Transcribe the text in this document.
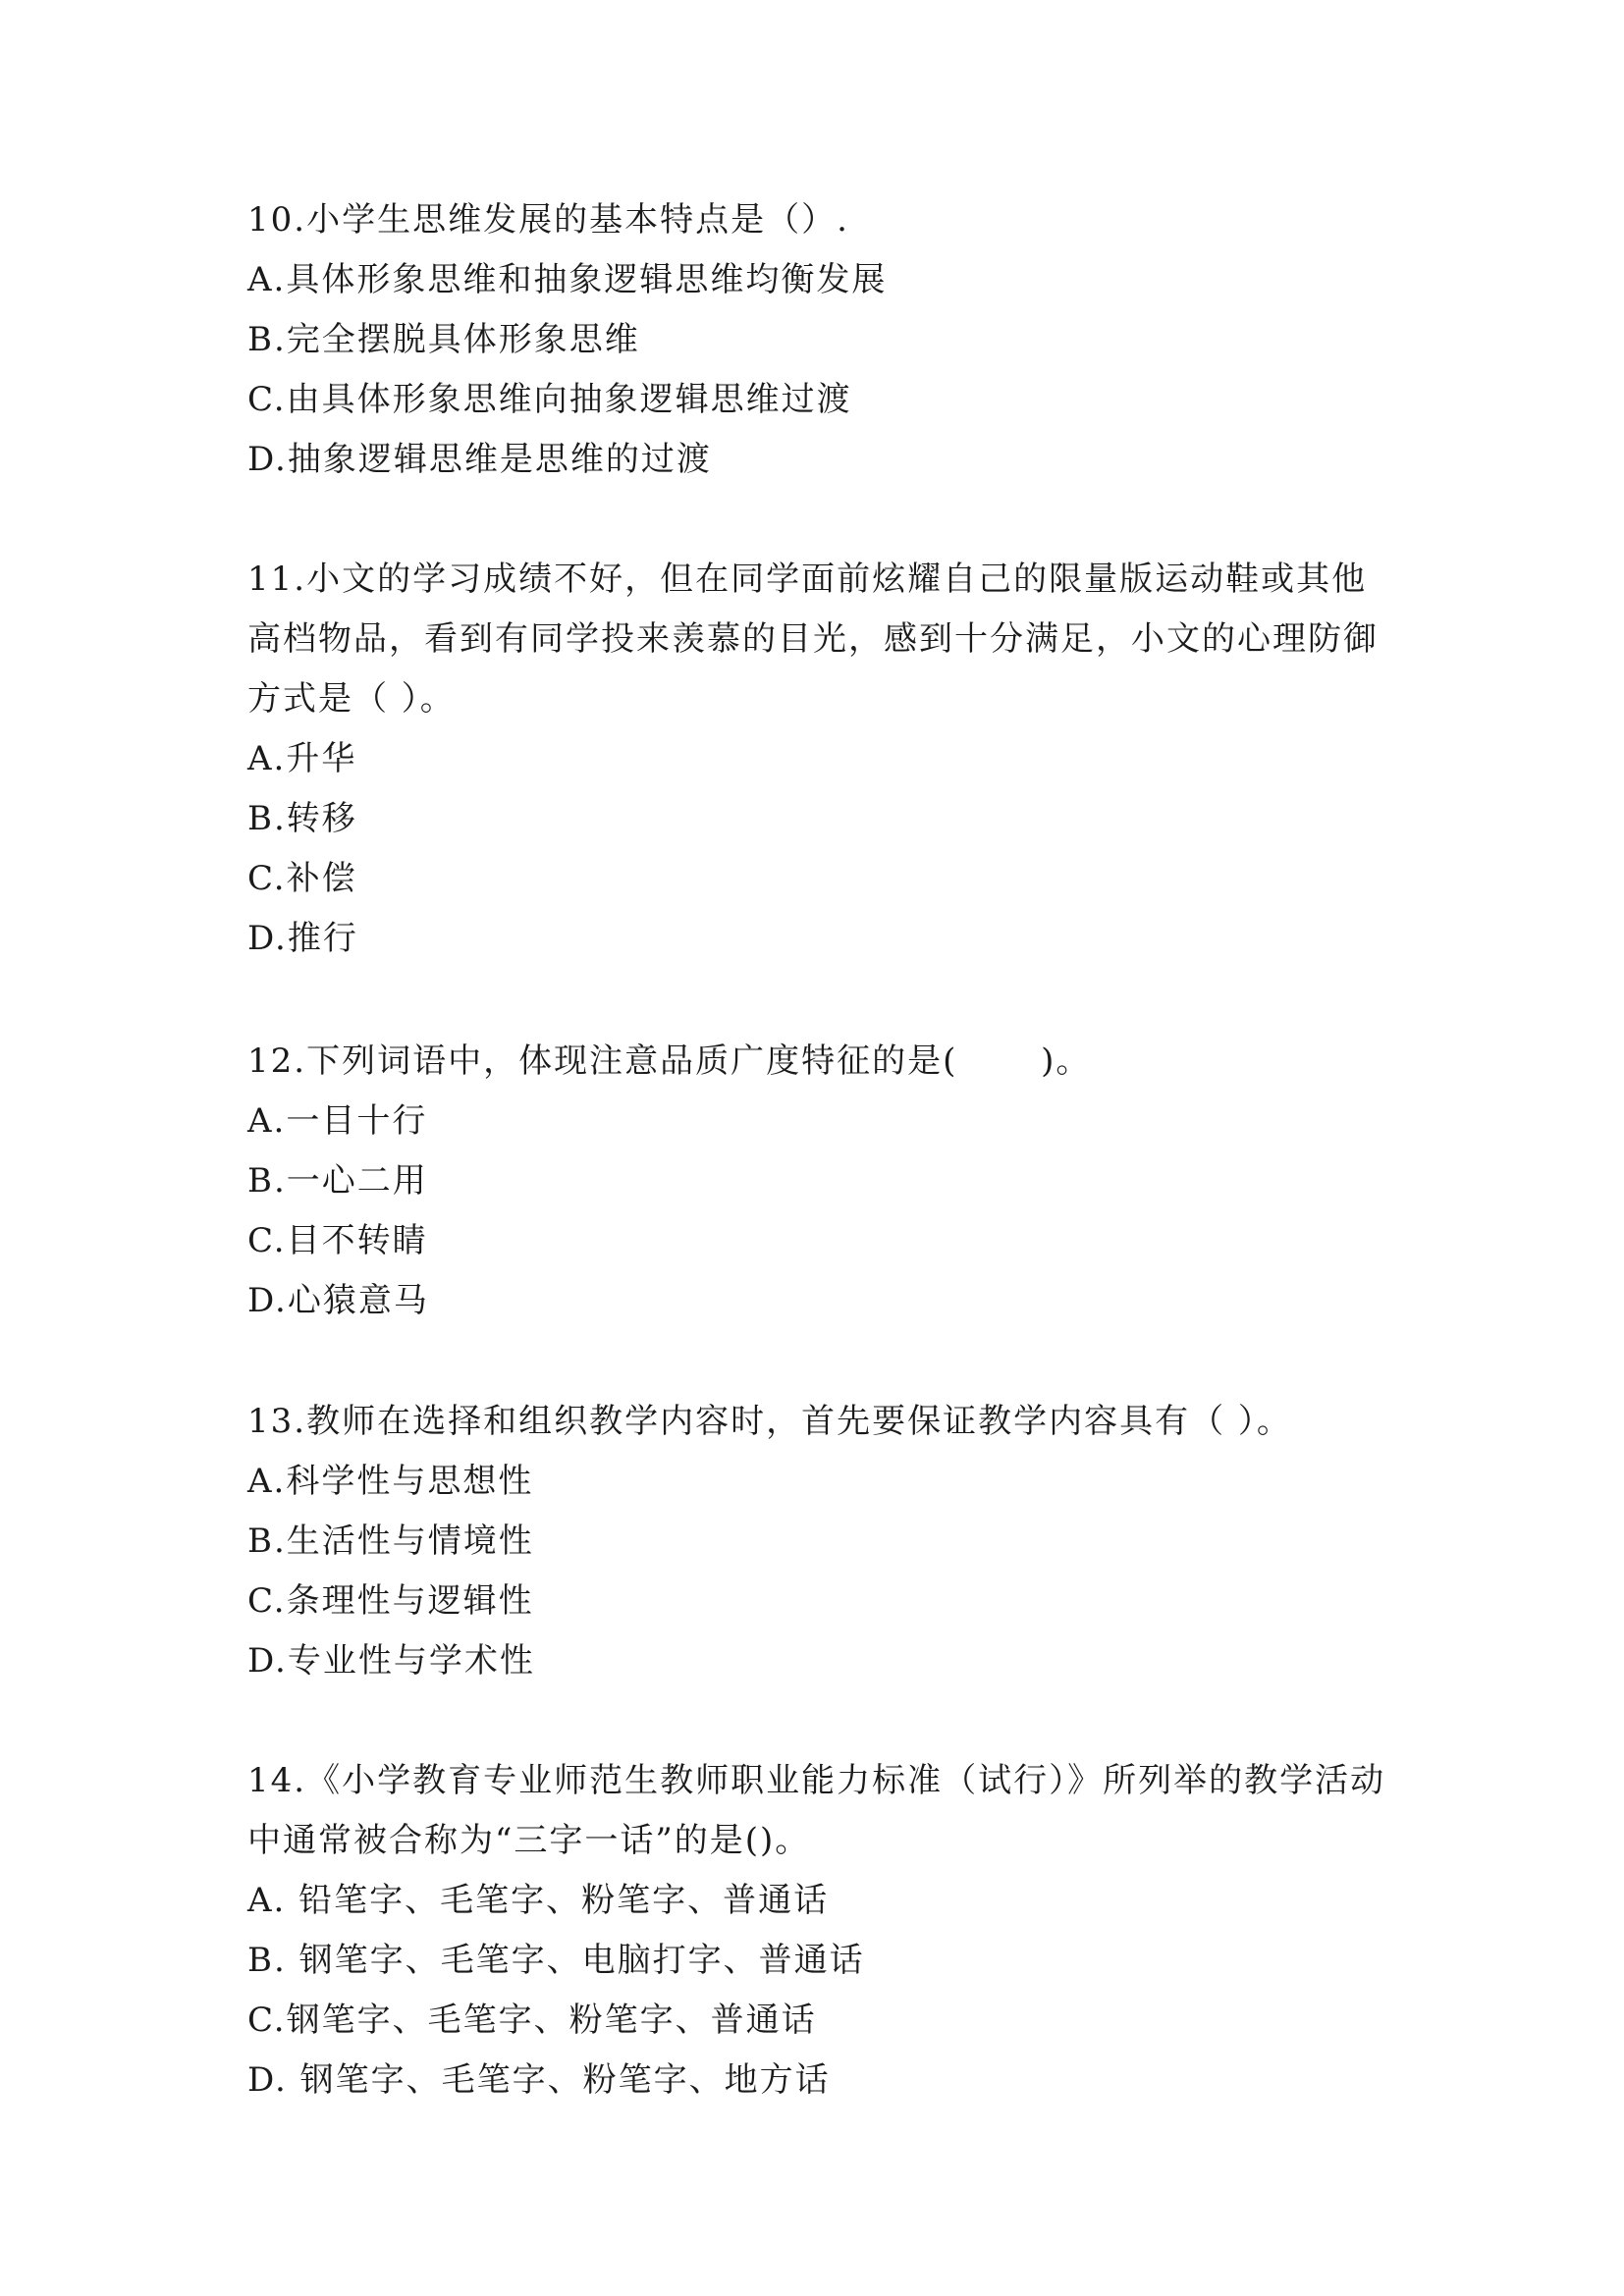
10.小学生思维发展的基本特点是（）.

A.具体形象思维和抽象逻辑思维均衡发展

B.完全摆脱具体形象思维

C.由具体形象思维向抽象逻辑思维过渡

D.抽象逻辑思维是思维的过渡

11.小文的学习成绩不好，但在同学面前炫耀自己的限量版运动鞋或其他高档物品，看到有同学投来羡慕的目光，感到十分满足，小文的心理防御方式是（ ）。

A.升华

B.转移

C.补偿

D.推行

12.下列词语中，体现注意品质广度特征的是(　　 )。

A.一目十行

B.一心二用

C.目不转睛

D.心猿意马

13.教师在选择和组织教学内容时，首先要保证教学内容具有（ ）。

A.科学性与思想性

B.生活性与情境性

C.条理性与逻辑性

D.专业性与学术性

14.《小学教育专业师范生教师职业能力标准（试行）》所列举的教学活动中通常被合称为“三字一话”的是()。

A. 铅笔字、毛笔字、粉笔字、普通话

B. 钢笔字、毛笔字、电脑打字、普通话

C.钢笔字、毛笔字、粉笔字、普通话

D. 钢笔字、毛笔字、粉笔字、地方话
